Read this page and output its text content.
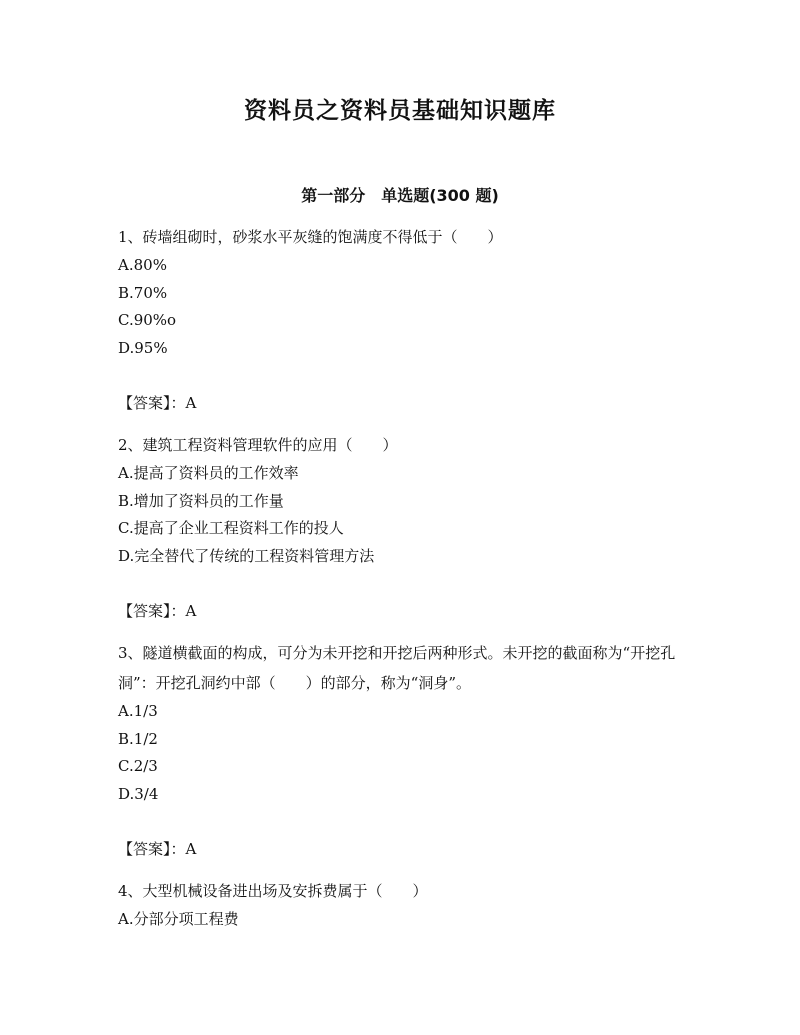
资料员之资料员基础知识题库
第一部分　单选题(300 题)

1、砖墙组砌时，砂浆水平灰缝的饱满度不得低于（　　）

A.80%

B.70%

C.90%o

D.95%

【答案】：A

2、建筑工程资料管理软件的应用（　　）

A.提高了资料员的工作效率

B.增加了资料员的工作量

C.提高了企业工程资料工作的投人

D.完全替代了传统的工程资料管理方法

【答案】：A

3、隧道横截面的构成，可分为未开挖和开挖后两种形式。未开挖的截面称为“开挖孔洞”：开挖孔洞约中部（　　）的部分，称为“洞身”。

A.1/3

B.1/2

C.2/3

D.3/4

【答案】：A

4、大型机械设备进出场及安拆费属于（　　）

A.分部分项工程费
